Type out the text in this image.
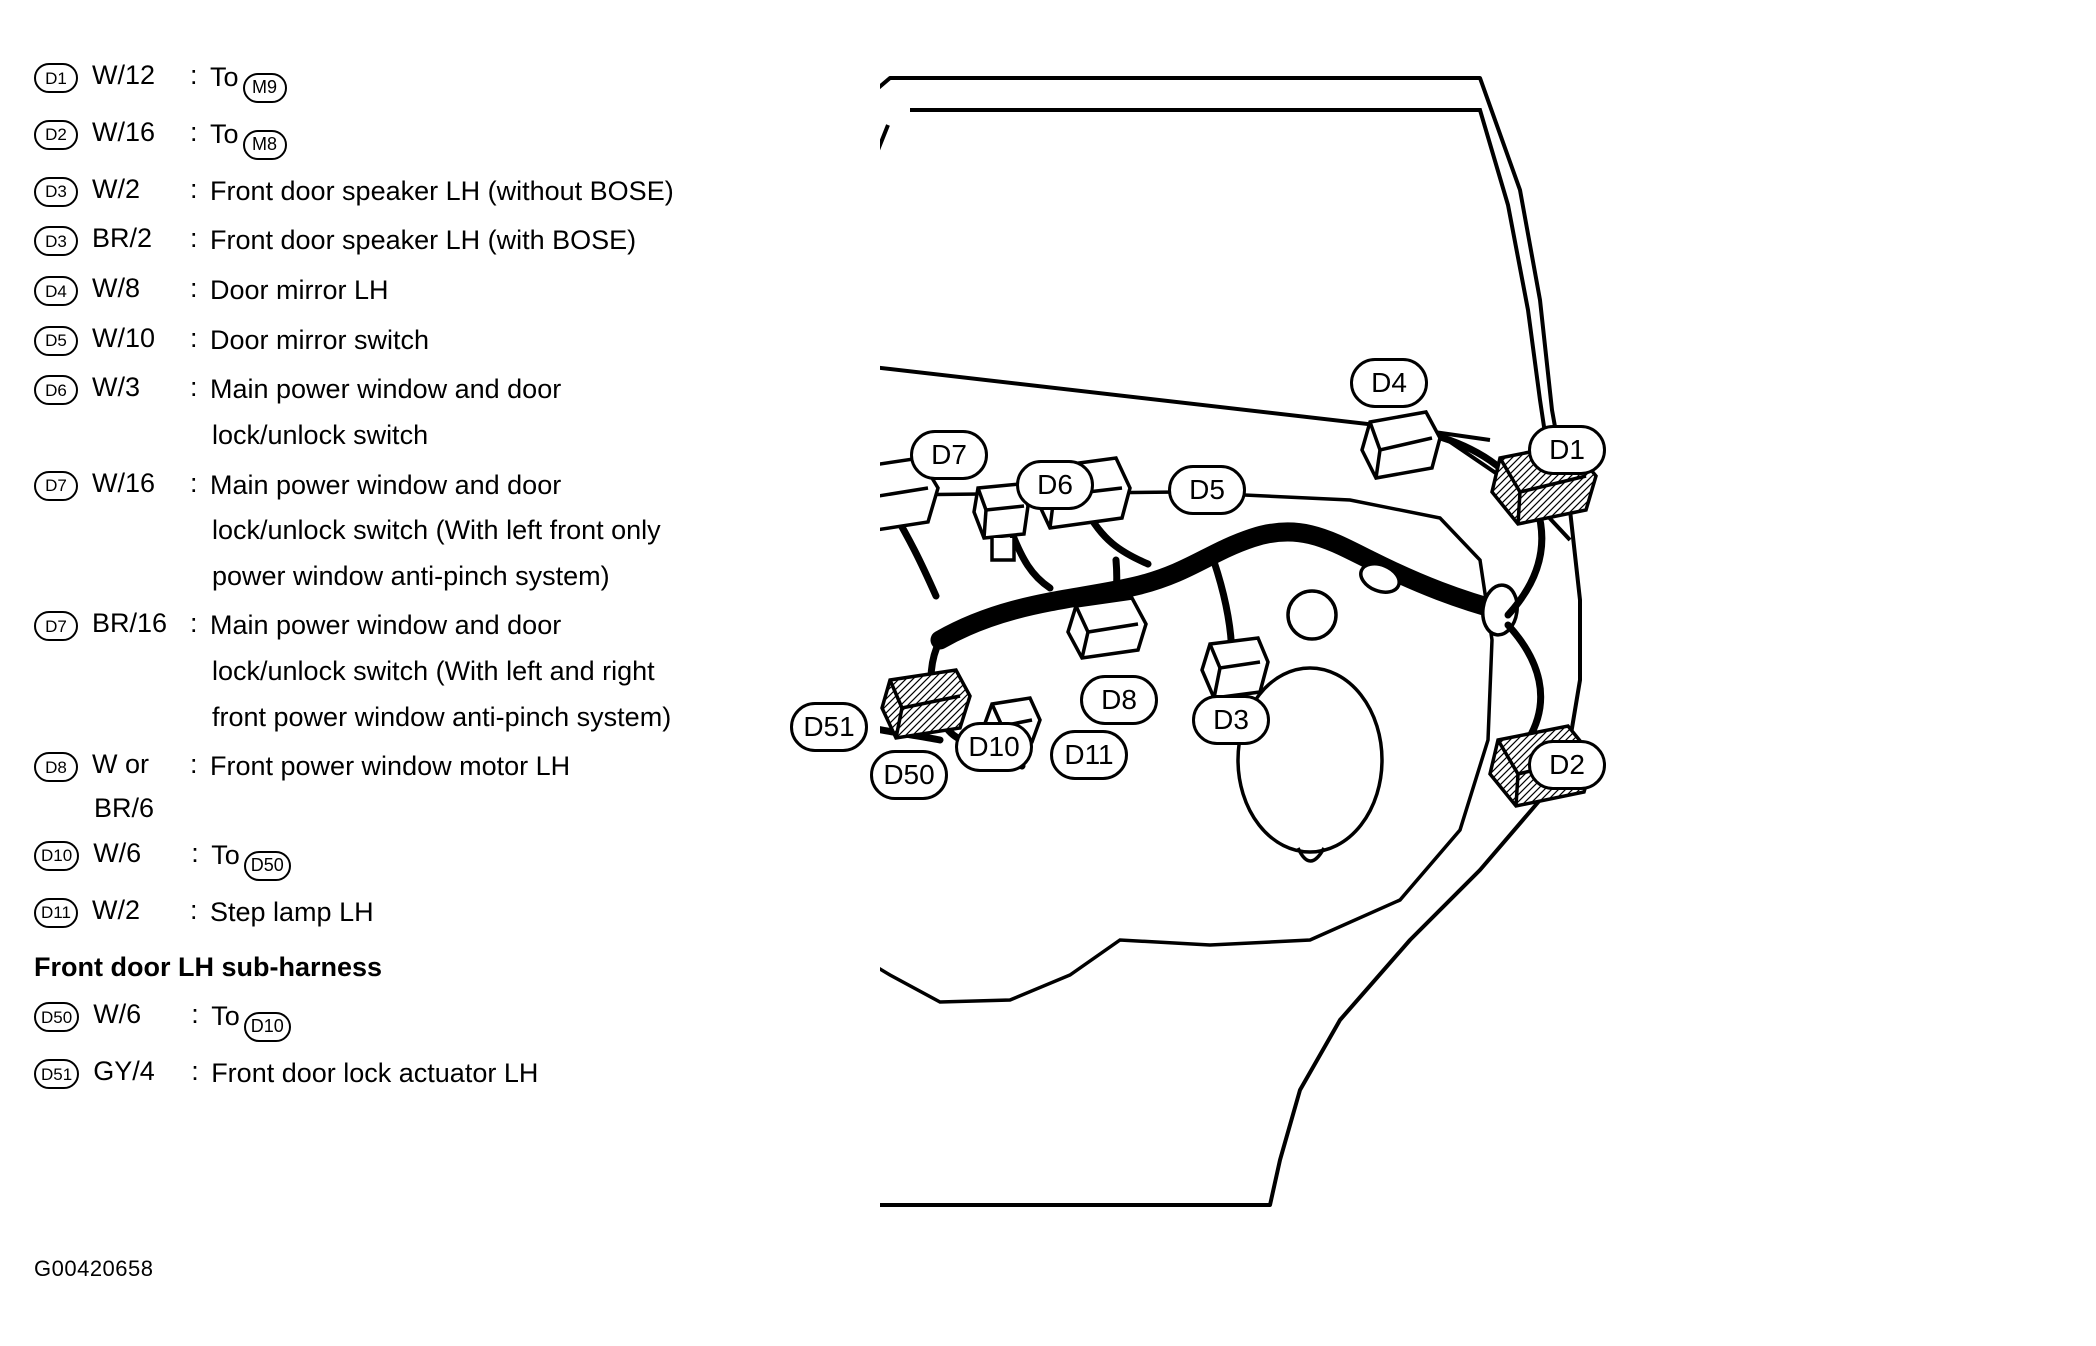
D1 W/12	: To M9
D2 W/16	: To M8
D3 W/2	: Front door speaker LH (without BOSE)
D3 BR/2	: Front door speaker LH (with BOSE)
D4 W/8	: Door mirror LH
D5 W/10	: Door mirror switch
D6 W/3	: Main power window and door
lock/unlock switch
D7 W/16	: Main power window and door
lock/unlock switch (With left front only
power window anti-pinch system)
D7 BR/16 : Main power window and door
lock/unlock switch (With left and right
front power window anti-pinch system)
D8 W or	: Front power window motor LH
BR/6
D10 W/6	: To D50
D11 W/2	: Step lamp LH
Front door LH sub-harness
D50 W/6	: To D10
D51 GY/4	: Front door lock actuator LH
G00420658
D4
D1
D7
D6	D5
D8
D3
D2
D51
D50
D10	D11
